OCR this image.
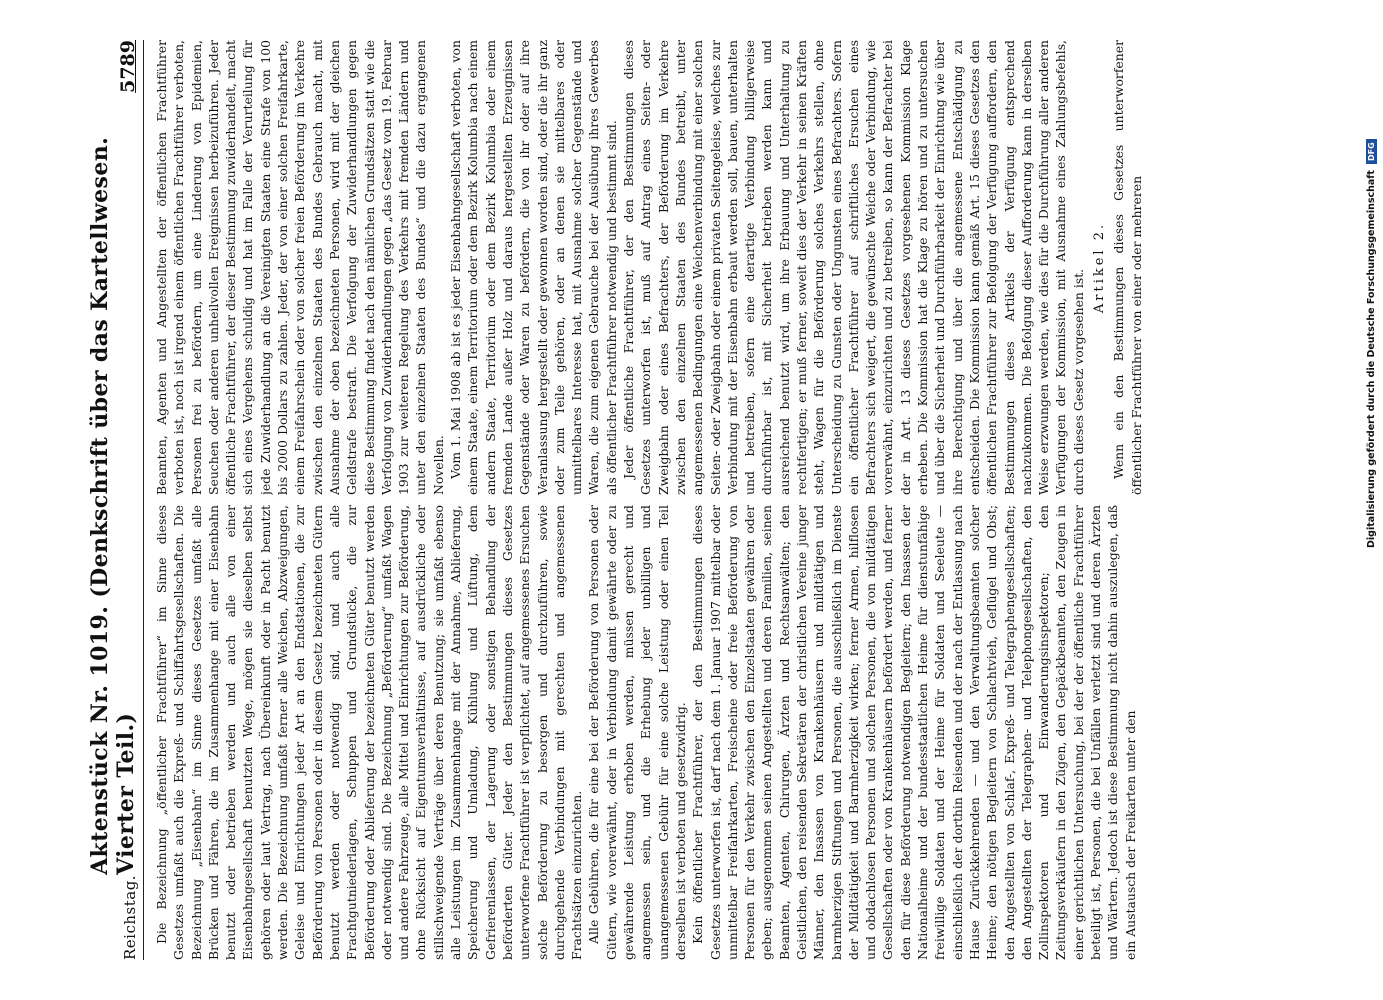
Reichstag.
Aktenstück Nr. 1019. (Denkschrift über das Kartellwesen. Vierter Teil.)
5789

Die Bezeichnung „öffentlicher Frachtführer“ im Sinne dieses Gesetzes umfaßt auch die Expreß- und Schiffahrtsgesellschaften. Die Bezeichnung „Eisenbahn“ im Sinne dieses Gesetzes umfaßt alle Brücken und Fähren, die im Zusammenhange mit einer Eisenbahn benutzt oder betrieben werden und auch alle von einer Eisenbahngesellschaft benutzten Wege, mögen sie dieselben selbst gehören oder laut Vertrag, nach Übereinkunft oder in Pacht benutzt werden. Die Bezeichnung umfaßt ferner alle Weichen, Abzweigungen, Geleise und Einrichtungen jeder Art an den Endstationen, die zur Beförderung von Personen oder in diesem Gesetz bezeichneten Gütern benutzt werden oder notwendig sind, und auch alle Frachtgutniederlagen, Schuppen und Grundstücke, die zur Beförderung oder Ablieferung der bezeichneten Güter benutzt werden oder notwendig sind. Die Bezeichnung „Beförderung“ umfaßt Wagen und andere Fahrzeuge, alle Mittel und Einrichtungen zur Beförderung, ohne Rücksicht auf Eigentumsverhältnisse, auf ausdrückliche oder stillschweigende Verträge über deren Benutzung; sie umfaßt ebenso alle Leistungen im Zusammenhange mit der Annahme, Ablieferung, Speicherung und Umladung, Kühlung und Lüftung, dem Gefrierenlassen, der Lagerung oder sonstigen Behandlung der beförderten Güter. Jeder den Bestimmungen dieses Gesetzes unterworfene Frachtführer ist verpflichtet, auf angemessenes Ersuchen solche Beförderung zu besorgen und durchzuführen, sowie durchgehende Verbindungen mit gerechten und angemessenen Frachtsätzen einzurichten. Alle Gebühren, die für eine bei der Beförderung von Personen oder Gütern, wie vorerwähnt, oder in Verbindung damit gewährte oder zu gewährende Leistung erhoben werden, müssen gerecht und angemessen sein, und die Erhebung jeder unbilligen und unangemessenen Gebühr für eine solche Leistung oder einen Teil derselben ist verboten und gesetzwidrig. Kein öffentlicher Frachtführer, der den Bestimmungen dieses Gesetzes unterworfen ist, darf nach dem 1. Januar 1907 mittelbar oder unmittelbar Freifahrkarten, Freischeine oder freie Beförderung von Personen für den Verkehr zwischen den Einzelstaaten gewähren oder geben; ausgenommen seinen Angestellten und deren Familien, seinen Beamten, Agenten, Chirurgen, Ärzten und Rechtsanwälten; den Geistlichen, den reisenden Sekretären der christlichen Vereine junger Männer, den Insassen von Krankenhäusern und mildtätigen und barmherzigen Stiftungen und Personen, die ausschließlich im Dienste der Mildtätigkeit und Barmherzigkeit wirken; ferner Armen, hilflosen und obdachlosen Personen und solchen Personen, die von mildtätigen Gesellschaften oder von Krankenhäusern befördert werden, und ferner den für diese Beförderung notwendigen Begleitern; den Insassen der Nationalheime und der bundesstaatlichen Heime für dienstunfähige freiwillige Soldaten und der Heime für Soldaten und Seeleute — einschließlich der dorthin Reisenden und der nach der Entlassung nach Hause Zurückkehrenden — und den Verwaltungsbeamten solcher Heime; den nötigen Begleitern von Schlachtvieh, Geflügel und Obst; den Angestellten von Schlaf-, Expreß- und Telegraphengesellschaften; den Angestellten der Telegraphen- und Telephongesellschaften, den Zollinspektoren und Einwanderungsinspektoren; den Zeitungsverkäufern in den Zügen, den Gepäckbeamten, den Zeugen in einer gerichtlichen Untersuchung, bei der der öffentliche Frachtführer beteiligt ist, Personen, die bei Unfällen verletzt sind und deren Ärzten und Wärtern. Jedoch ist diese Bestimmung nicht dahin auszulegen, daß ein Austausch der Freikarten unter den

Beamten, Agenten und Angestellten der öffentlichen Frachtführer verboten ist, noch ist irgend einem öffentlichen Frachtführer verboten, Personen frei zu befördern, um eine Linderung von Epidemien, Seuchen oder anderen unheilvollen Ereignissen herbeizuführen. Jeder öffentliche Frachtführer, der dieser Bestimmung zuwiderhandelt, macht sich eines Vergehens schuldig und hat im Falle der Verurteilung für jede Zuwiderhandlung an die Vereinigten Staaten eine Strafe von 100 bis 2000 Dollars zu zahlen. Jeder, der von einer solchen Freifahrkarte, einem Freifahrschein oder von solcher freien Beförderung im Verkehre zwischen den einzelnen Staaten des Bundes Gebrauch macht, mit Ausnahme der oben bezeichneten Personen, wird mit der gleichen Geldstrafe bestraft. Die Verfolgung der Zuwiderhandlungen gegen diese Bestimmung findet nach den nämlichen Grundsätzen statt wie die Verfolgung von Zuwiderhandlungen gegen „das Gesetz vom 19. Februar 1903 zur weiteren Regelung des Verkehrs mit fremden Ländern und unter den einzelnen Staaten des Bundes“ und die dazu ergangenen Novellen. Vom 1. Mai 1908 ab ist es jeder Eisenbahngesellschaft verboten, von einem Staate, einem Territorium oder dem Bezirk Kolumbia nach einem andern Staate, Territorium oder dem Bezirk Kolumbia oder einem fremden Lande außer Holz und daraus hergestellten Erzeugnissen Gegenstände oder Waren zu befördern, die von ihr oder auf ihre Veranlassung hergestellt oder gewonnen worden sind, oder die ihr ganz oder zum Teile gehören, oder an denen sie mittelbares oder unmittelbares Interesse hat, mit Ausnahme solcher Gegenstände und Waren, die zum eigenen Gebrauche bei der Ausübung ihres Gewerbes als öffentlicher Frachtführer notwendig und bestimmt sind. Jeder öffentliche Frachtführer, der den Bestimmungen dieses Gesetzes unterworfen ist, muß auf Antrag eines Seiten- oder Zweigbahn oder eines Befrachters, der Beförderung im Verkehre zwischen den einzelnen Staaten des Bundes betreibt, unter angemessenen Bedingungen eine Weichenverbindung mit einer solchen Seiten- oder Zweigbahn oder einem privaten Seitengeleise, welches zur Verbindung mit der Eisenbahn erbaut werden soll, bauen, unterhalten und betreiben, sofern eine derartige Verbindung billigerweise durchführbar ist, mit Sicherheit betrieben werden kann und ausreichend benutzt wird, um ihre Erbauung und Unterhaltung zu rechtfertigen; er muß ferner, soweit dies der Verkehr in seinen Kräften steht, Wagen für die Beförderung solches Verkehrs stellen, ohne Unterscheidung zu Gunsten oder Ungunsten eines Befrachters. Sofern ein öffentlicher Frachtführer auf schriftliches Ersuchen eines Befrachters sich weigert, die gewünschte Weiche oder Verbindung, wie vorerwähnt, einzurichten und zu betreiben, so kann der Befrachter bei der in Art. 13 dieses Gesetzes vorgesehenen Kommission Klage erheben. Die Kommission hat die Klage zu hören und zu untersuchen und über die Sicherheit und Durchführbarkeit der Einrichtung wie über ihre Berechtigung und über die angemessene Entschädigung zu entscheiden. Die Kommission kann gemäß Art. 15 dieses Gesetzes den öffentlichen Frachtführer zur Befolgung der Verfügung auffordern, den Bestimmungen dieses Artikels der Verfügung entsprechend nachzukommen. Die Befolgung dieser Aufforderung kann in derselben Weise erzwungen werden, wie dies für die Durchführung aller anderen Verfügungen der Kommission, mit Ausnahme eines Zahlungsbefehls, durch dieses Gesetz vorgesehen ist.

Artikel 2. Wenn ein den Bestimmungen dieses Gesetzes unterworfener öffentlicher Frachtführer von einer oder mehreren	Digitalisierung gefördert durch die Deutsche Forschungsgemeinschaft
DFG
